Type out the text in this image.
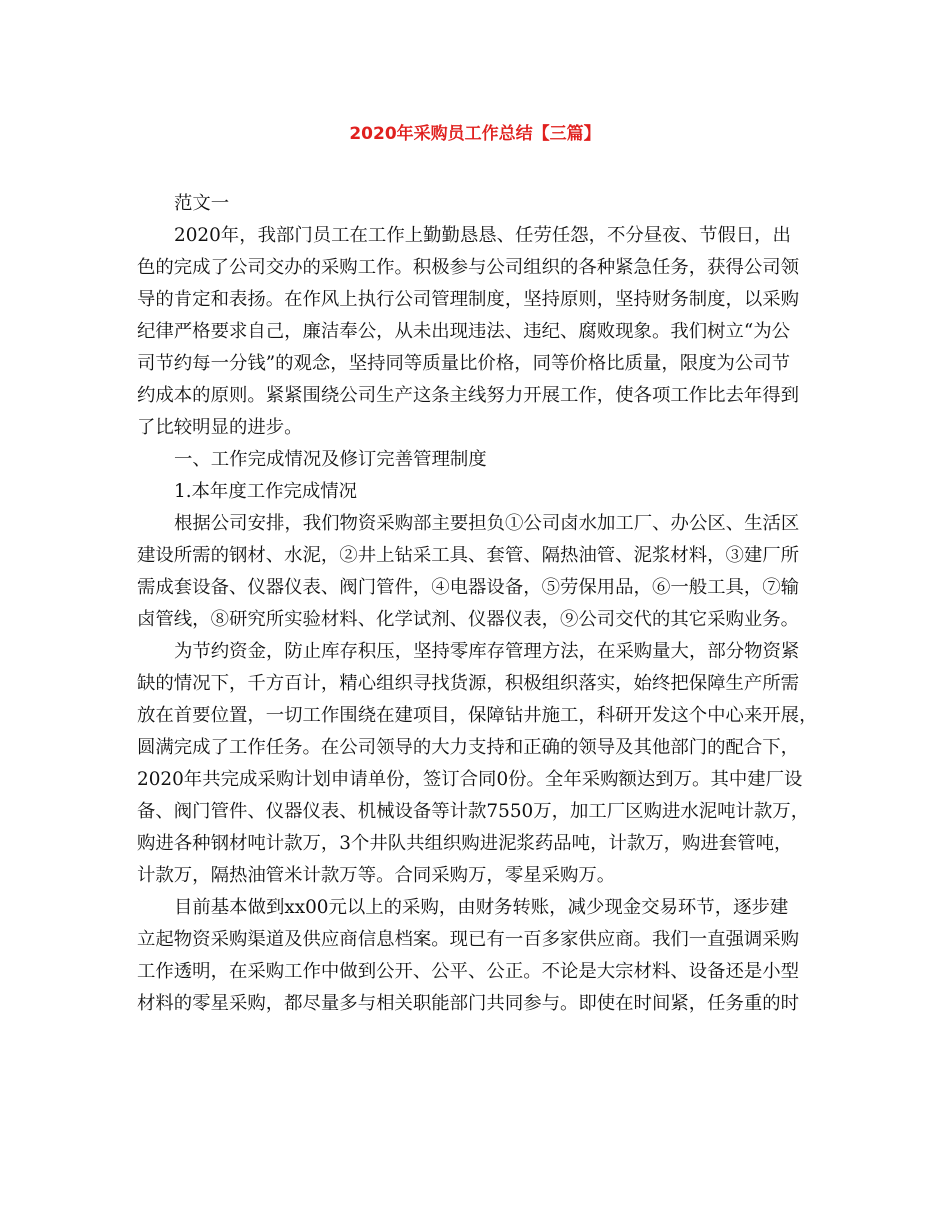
2020年采购员工作总结【三篇】
范文一
2020年，我部门员工在工作上勤勤恳恳、任劳任怨，不分昼夜、节假日，出
色的完成了公司交办的采购工作。积极参与公司组织的各种紧急任务，获得公司领
导的肯定和表扬。在作风上执行公司管理制度，坚持原则，坚持财务制度，以采购
纪律严格要求自己，廉洁奉公，从未出现违法、违纪、腐败现象。我们树立“为公
司节约每一分钱”的观念，坚持同等质量比价格，同等价格比质量，限度为公司节
约成本的原则。紧紧围绕公司生产这条主线努力开展工作，使各项工作比去年得到
了比较明显的进步。
一、工作完成情况及修订完善管理制度
1.本年度工作完成情况
根据公司安排，我们物资采购部主要担负①公司卤水加工厂、办公区、生活区
建设所需的钢材、水泥，②井上钻采工具、套管、隔热油管、泥浆材料，③建厂所
需成套设备、仪器仪表、阀门管件，④电器设备，⑤劳保用品，⑥一般工具，⑦输
卤管线，⑧研究所实验材料、化学试剂、仪器仪表，⑨公司交代的其它采购业务。
为节约资金，防止库存积压，坚持零库存管理方法，在采购量大，部分物资紧
缺的情况下，千方百计，精心组织寻找货源，积极组织落实，始终把保障生产所需
放在首要位置，一切工作围绕在建项目，保障钻井施工，科研开发这个中心来开展，
圆满完成了工作任务。在公司领导的大力支持和正确的领导及其他部门的配合下，
2020年共完成采购计划申请单份，签订合同0份。全年采购额达到万。其中建厂设
备、阀门管件、仪器仪表、机械设备等计款7550万，加工厂区购进水泥吨计款万，
购进各种钢材吨计款万，3个井队共组织购进泥浆药品吨，计款万，购进套管吨，
计款万，隔热油管米计款万等。合同采购万，零星采购万。
目前基本做到xx00元以上的采购，由财务转账，减少现金交易环节，逐步建
立起物资采购渠道及供应商信息档案。现已有一百多家供应商。我们一直强调采购
工作透明，在采购工作中做到公开、公平、公正。不论是大宗材料、设备还是小型
材料的零星采购，都尽量多与相关职能部门共同参与。即使在时间紧，任务重的时
